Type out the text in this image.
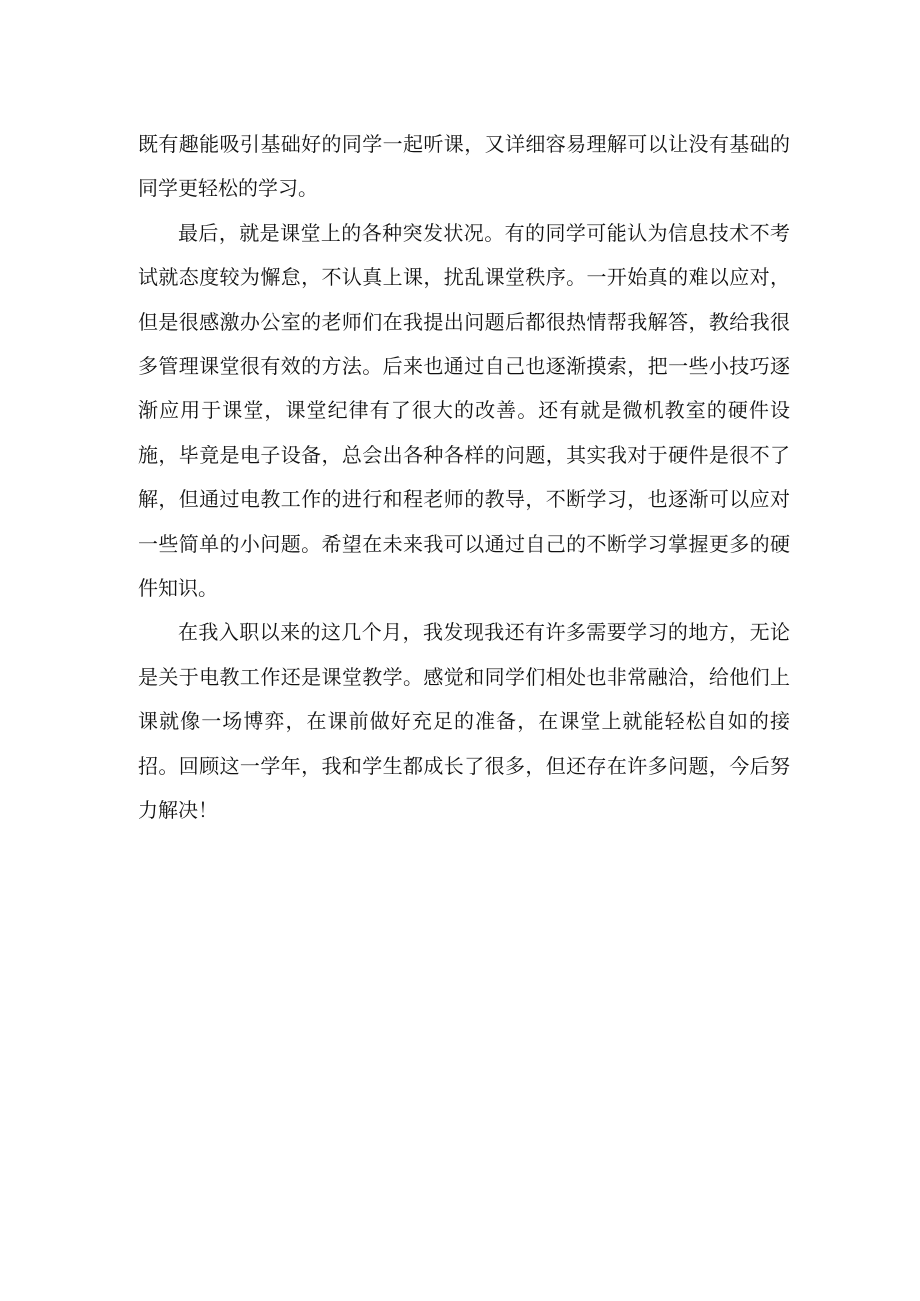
既有趣能吸引基础好的同学一起听课，又详细容易理解可以让没有基础的同学更轻松的学习。

最后，就是课堂上的各种突发状况。有的同学可能认为信息技术不考试就态度较为懈怠，不认真上课，扰乱课堂秩序。一开始真的难以应对，但是很感激办公室的老师们在我提出问题后都很热情帮我解答，教给我很多管理课堂很有效的方法。后来也通过自己也逐渐摸索，把一些小技巧逐渐应用于课堂，课堂纪律有了很大的改善。还有就是微机教室的硬件设施，毕竟是电子设备，总会出各种各样的问题，其实我对于硬件是很不了解，但通过电教工作的进行和程老师的教导，不断学习，也逐渐可以应对一些简单的小问题。希望在未来我可以通过自己的不断学习掌握更多的硬件知识。

在我入职以来的这几个月，我发现我还有许多需要学习的地方，无论是关于电教工作还是课堂教学。感觉和同学们相处也非常融洽，给他们上课就像一场博弈，在课前做好充足的准备，在课堂上就能轻松自如的接招。回顾这一学年，我和学生都成长了很多，但还存在许多问题，今后努力解决！
